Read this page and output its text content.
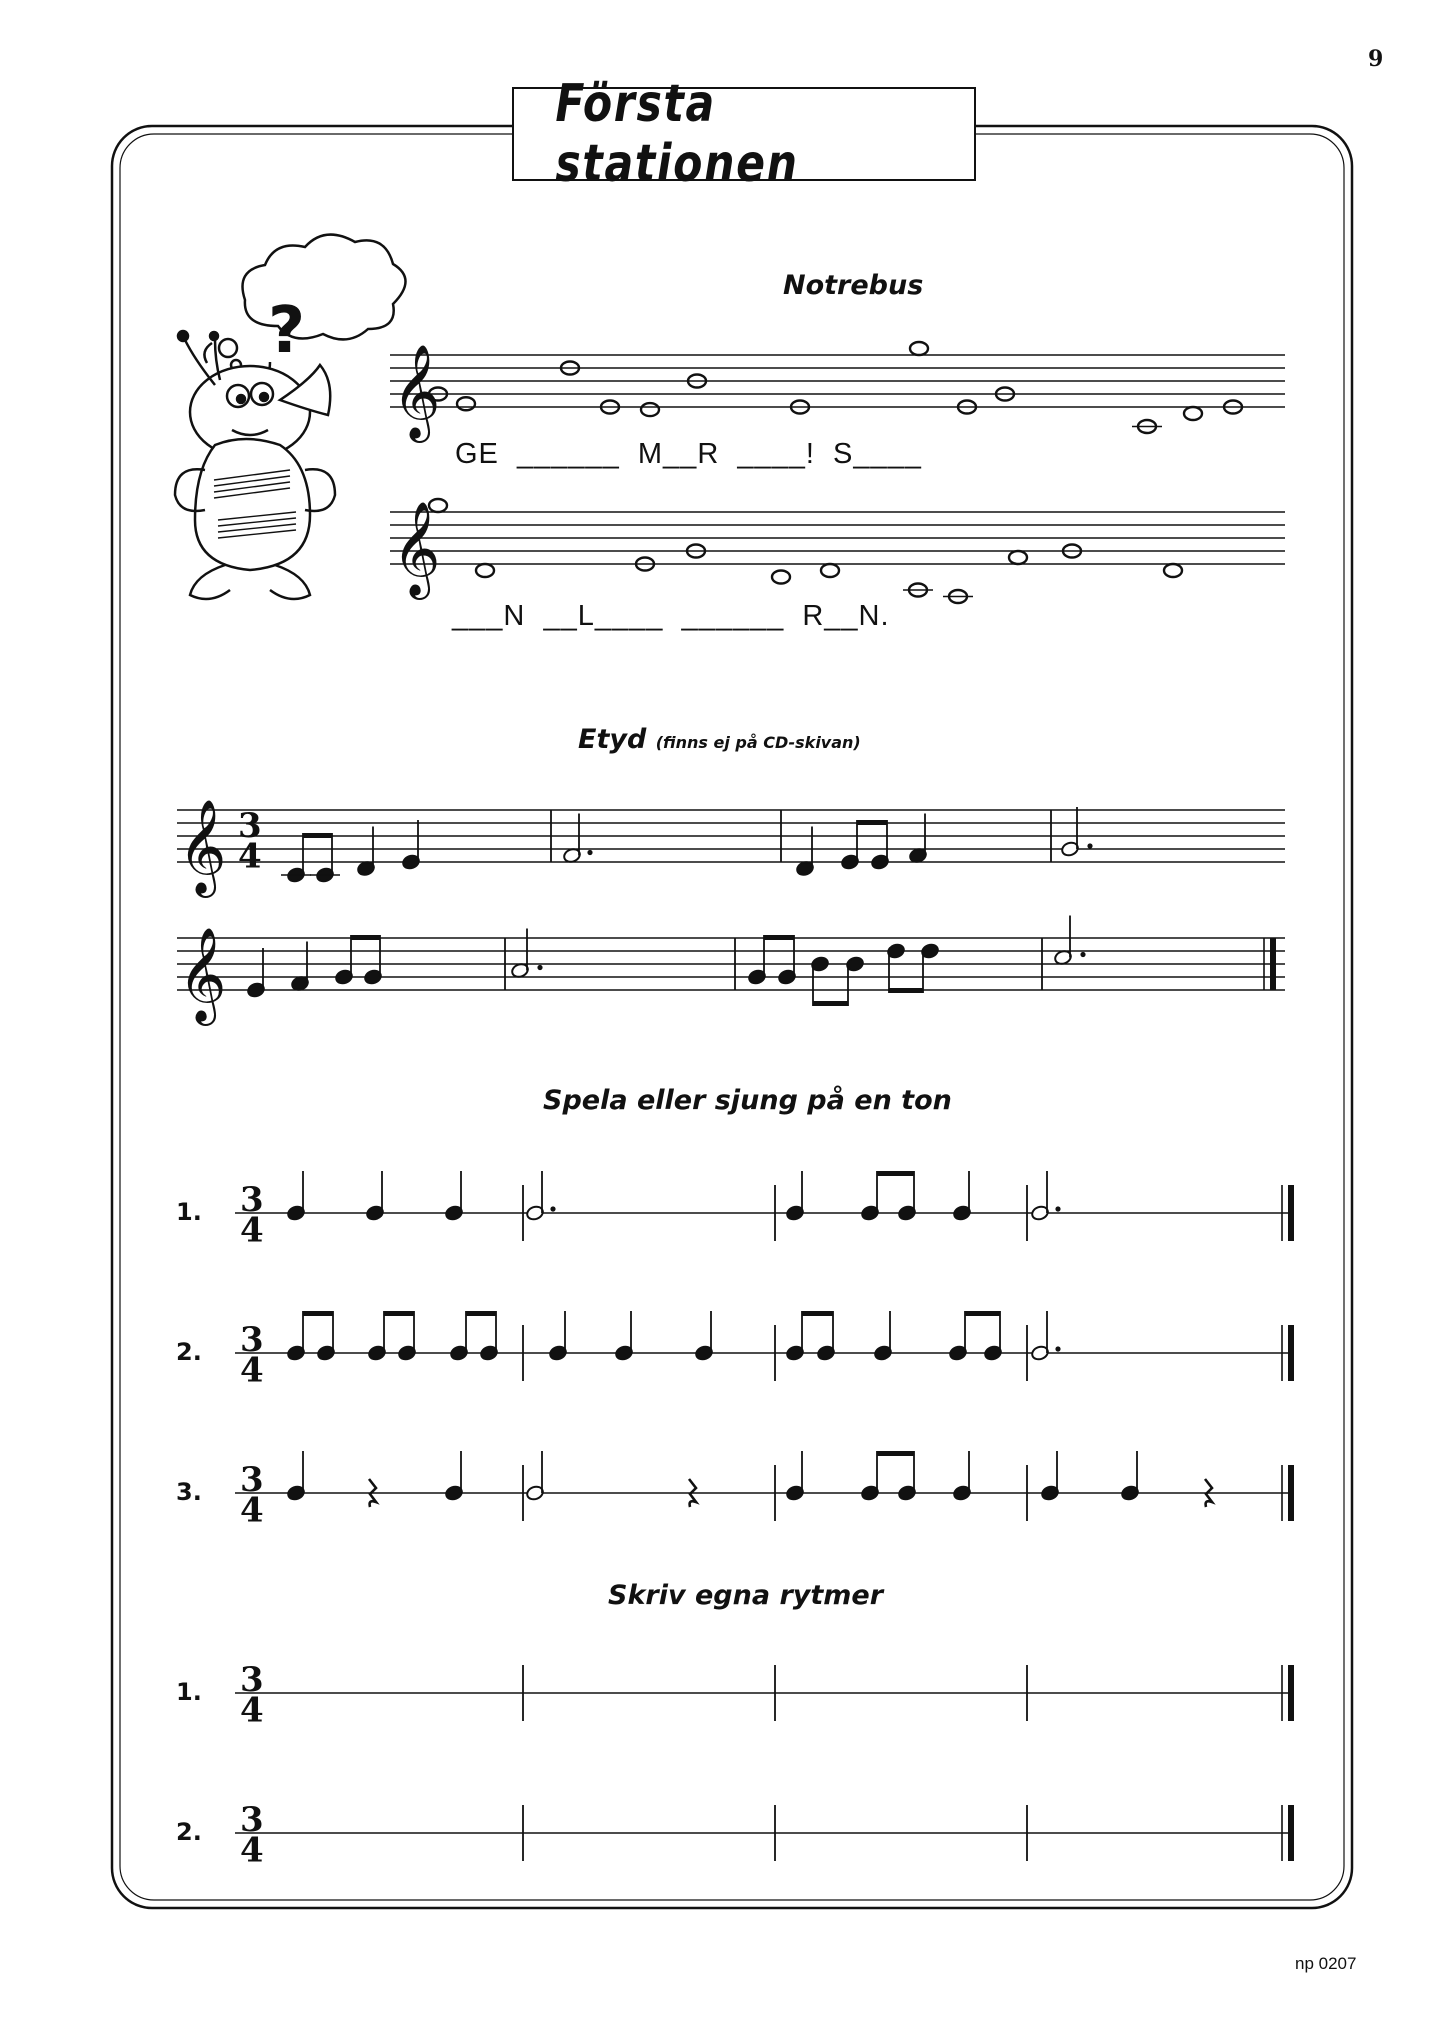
?
𝄞
𝄞
𝄞 3
4
𝄞
3
4
3
4
3
4
3
4
3
4
9
Första stationen
Notrebus
GE  ______  M__R  ____!  S____
___N  __L____  ______  R__N.
Etyd (finns ej på CD-skivan)
Spela eller sjung på en ton
1.
2.
3.
Skriv egna rytmer
1.
2.
np 0207
